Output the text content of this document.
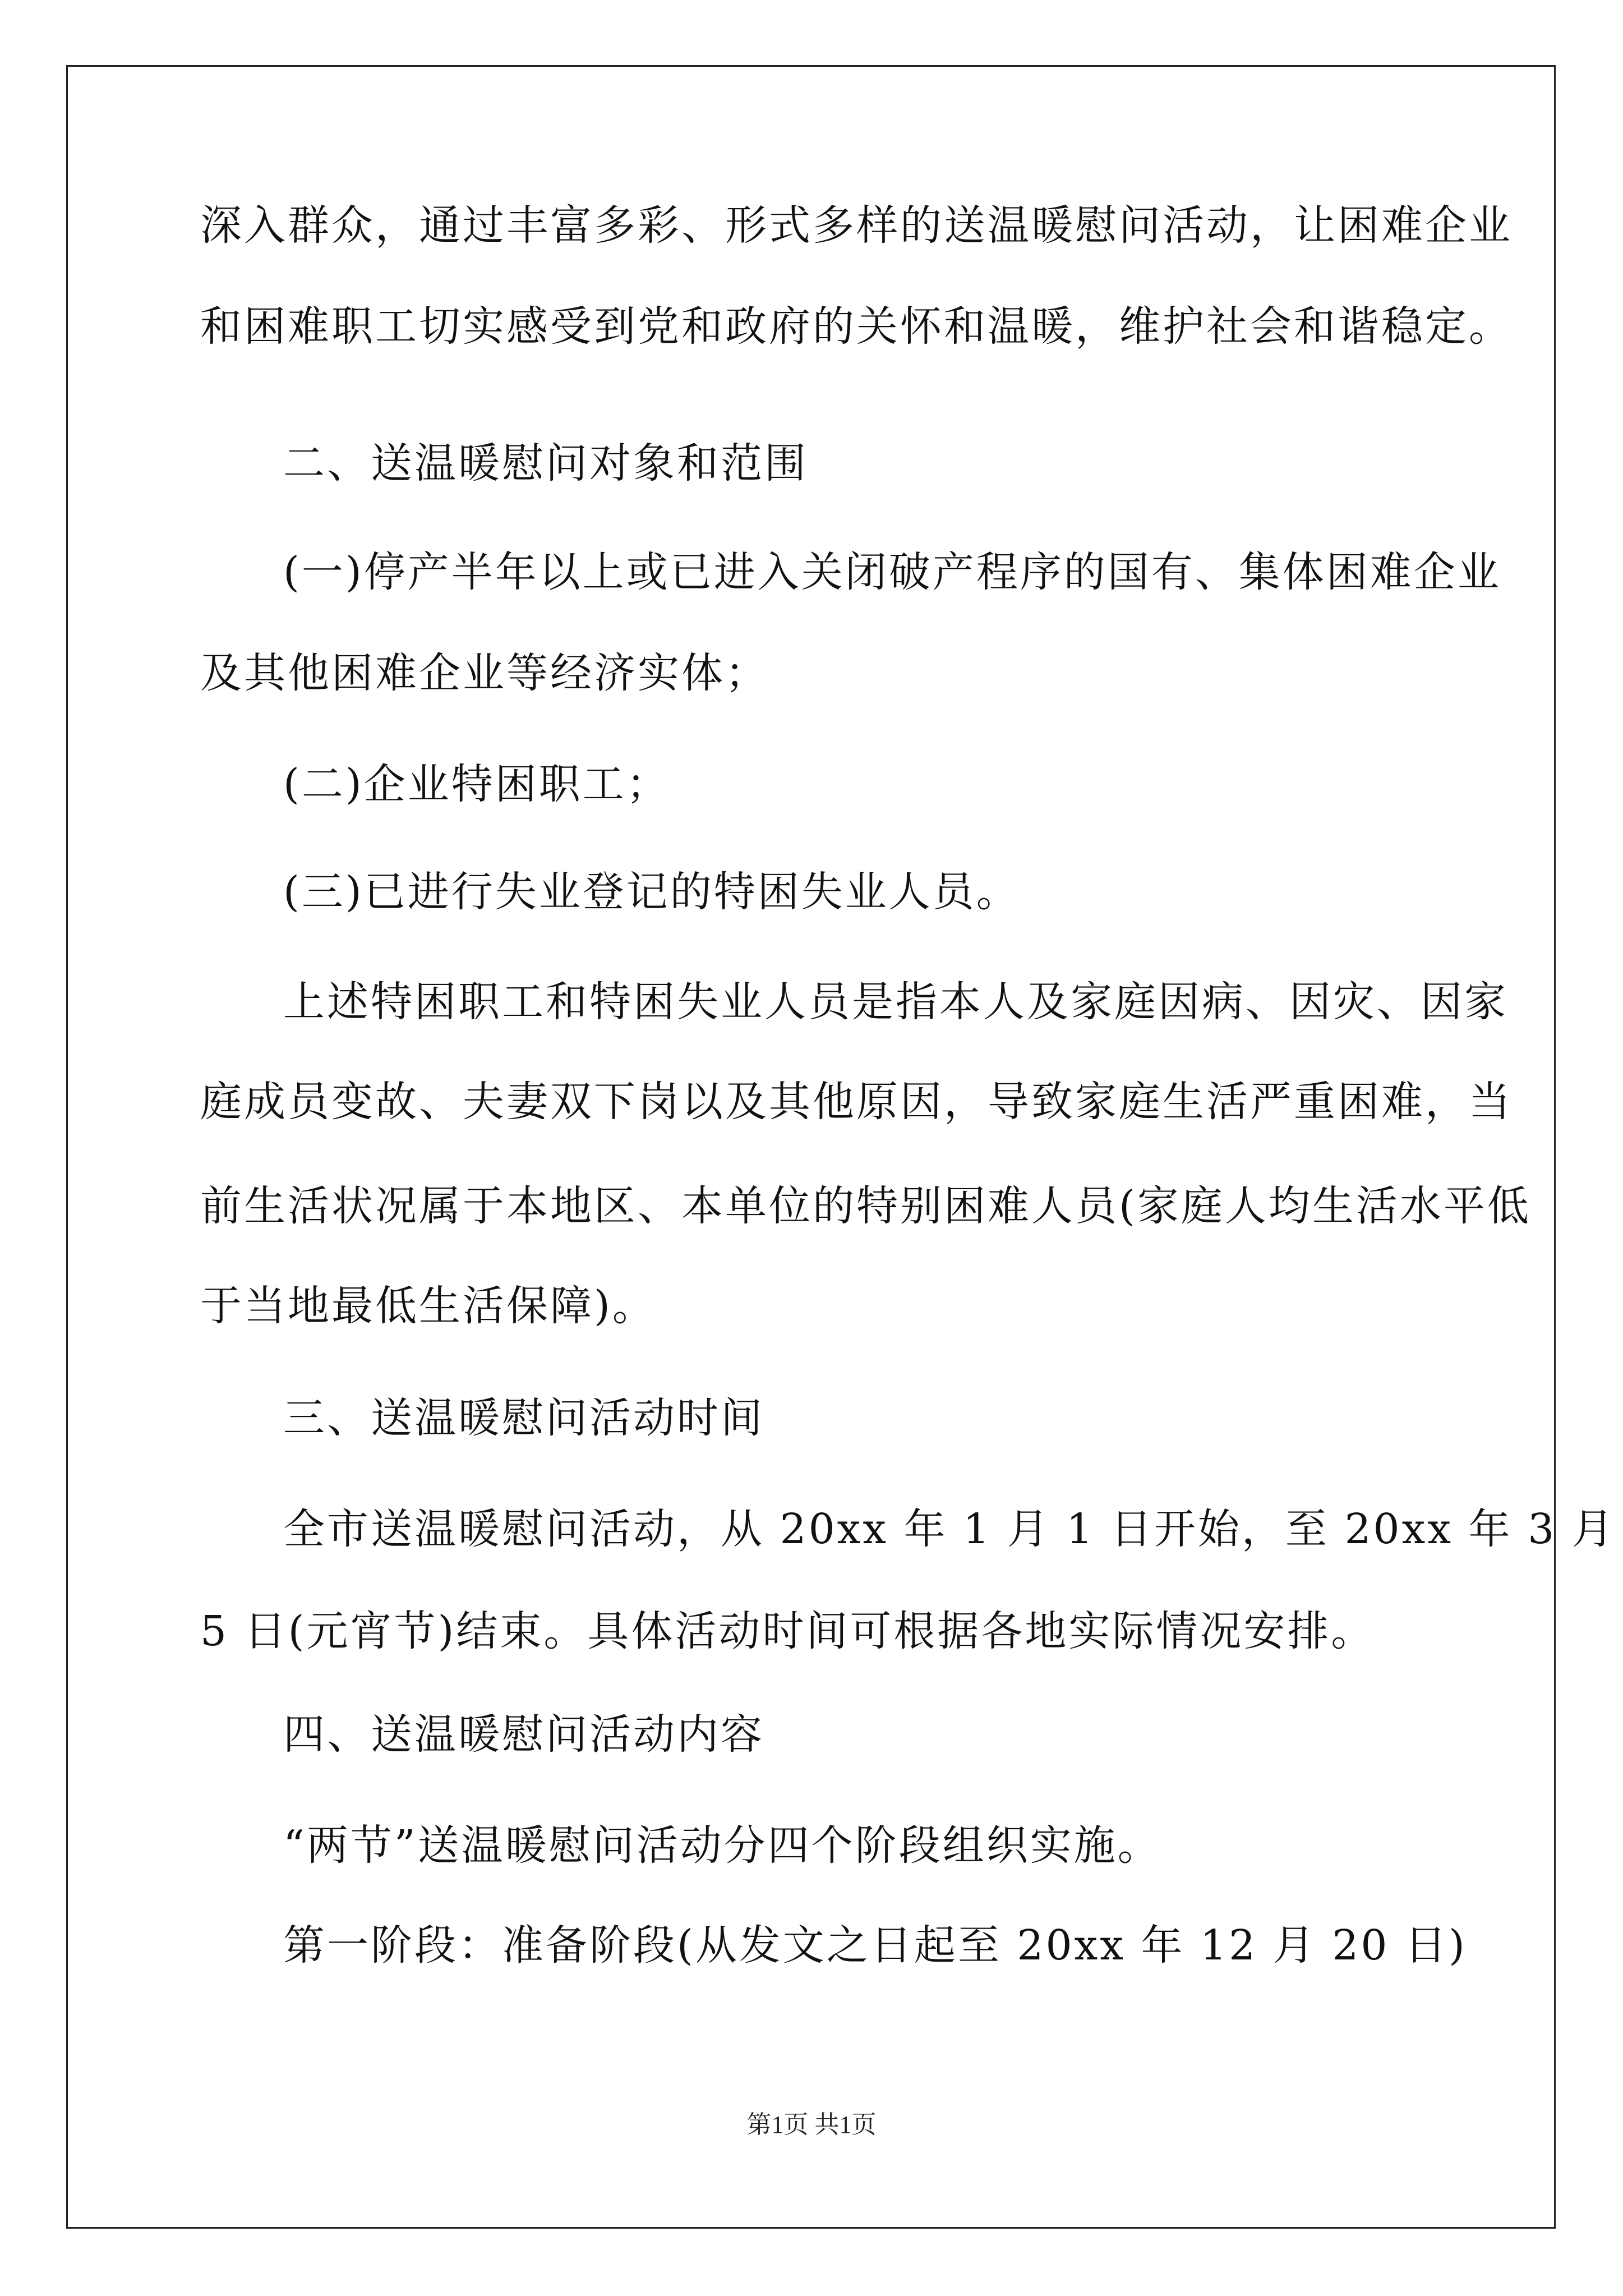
深入群众，通过丰富多彩、形式多样的送温暖慰问活动，让困难企业
和困难职工切实感受到党和政府的关怀和温暖，维护社会和谐稳定。
二、送温暖慰问对象和范围
(一)停产半年以上或已进入关闭破产程序的国有、集体困难企业
及其他困难企业等经济实体；
(二)企业特困职工；
(三)已进行失业登记的特困失业人员。
上述特困职工和特困失业人员是指本人及家庭因病、因灾、因家
庭成员变故、夫妻双下岗以及其他原因，导致家庭生活严重困难，当
前生活状况属于本地区、本单位的特别困难人员(家庭人均生活水平低
于当地最低生活保障)。
三、送温暖慰问活动时间
全市送温暖慰问活动，从 20xx 年 1 月 1 日开始，至 20xx 年 3 月
5 日(元宵节)结束。具体活动时间可根据各地实际情况安排。
四、送温暖慰问活动内容
“两节”送温暖慰问活动分四个阶段组织实施。
第一阶段：准备阶段(从发文之日起至 20xx 年 12 月 20 日)
第1页 共1页
